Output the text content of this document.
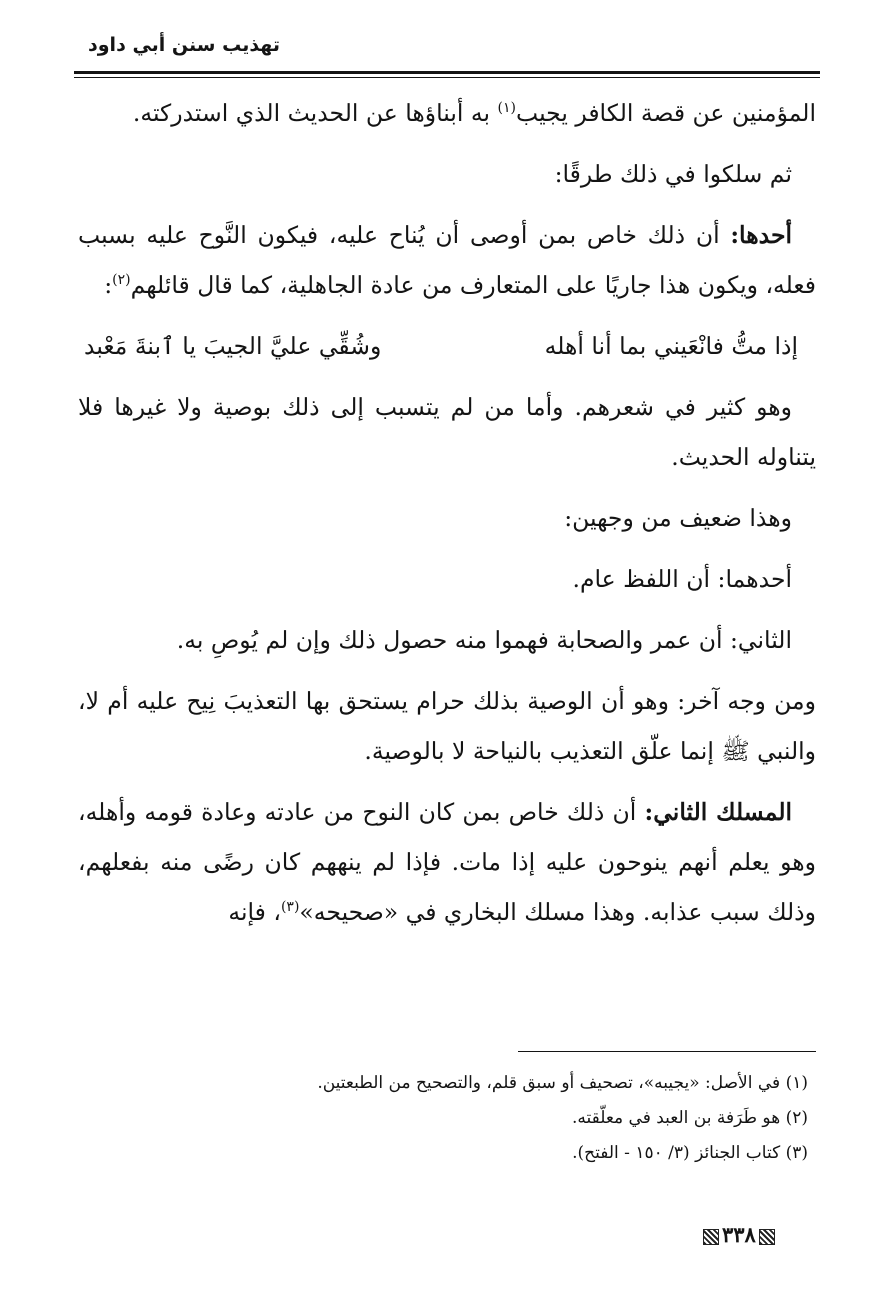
تهذيب سنن أبي داود

المؤمنين عن قصة الكافر يجيب$^{(١)}$ به أبناؤها عن الحديث الذي استدركته.

ثم سلكوا في ذلك طرقًا:

أحدها: أن ذلك خاص بمن أوصى أن يُناح عليه، فيكون النَّوح عليه بسبب فعله، ويكون هذا جاريًا على المتعارف من عادة الجاهلية، كما قال قائلهم$^{(٢)}$:

إذا متُّ فانْعَيني بما أنا أهله
وشُقِّي عليَّ الجيبَ يا ٱبنةَ مَعْبد

وهو كثير في شعرهم. وأما من لم يتسبب إلى ذلك بوصية ولا غيرها فلا يتناوله الحديث.

وهذا ضعيف من وجهين:

أحدهما: أن اللفظ عام.

الثاني: أن عمر والصحابة فهموا منه حصول ذلك وإن لم يُوصِ به.

ومن وجه آخر: وهو أن الوصية بذلك حرام يستحق بها التعذيبَ نِيح عليه أم لا، والنبي ﷺ إنما علّق التعذيب بالنياحة لا بالوصية.

المسلك الثاني: أن ذلك خاص بمن كان النوح من عادته وعادة قومه وأهله، وهو يعلم أنهم ينوحون عليه إذا مات. فإذا لم ينههم كان رضًى منه بفعلهم، وذلك سبب عذابه. وهذا مسلك البخاري في «صحيحه»$^{(٣)}$، فإنه

(١) في الأصل: «يجيبه»، تصحيف أو سبق قلم، والتصحيح من الطبعتين.

(٢) هو طَرَفة بن العبد في معلّقته.

(٣) كتاب الجنائز (٣/ ١٥٠ - الفتح).

٣٣٨
